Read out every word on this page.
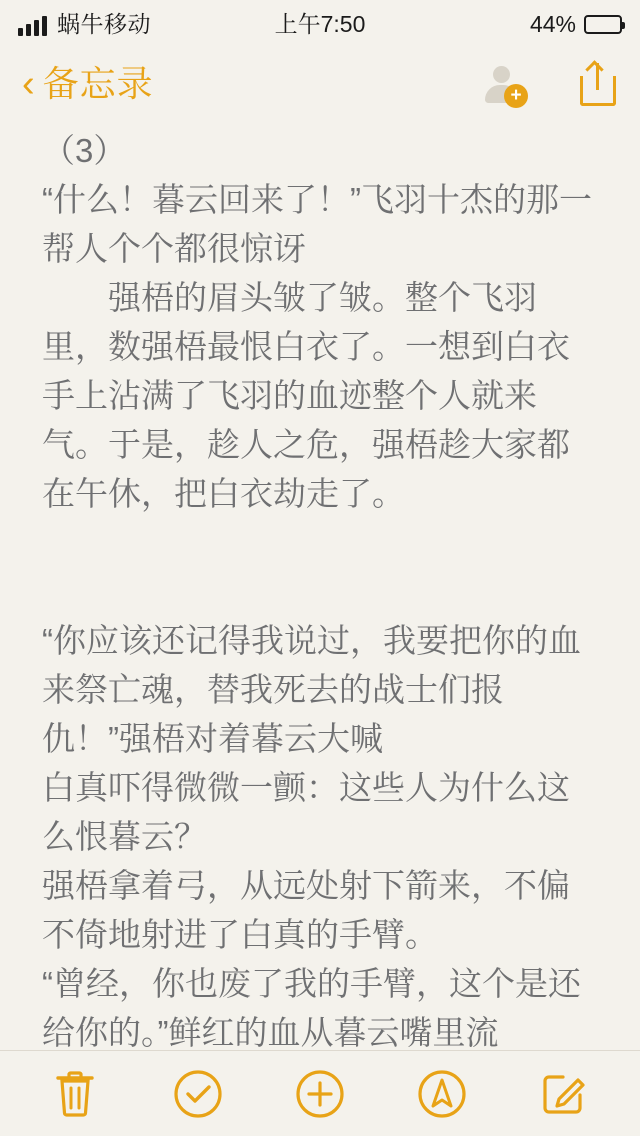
蜗牛移动	上午7:50	44%
‹ 备忘录	+

（3）

“什么！暮云回来了！”飞羽十杰的那一帮人个个都很惊讶

　　强梧的眉头皱了皱。整个飞羽里，数强梧最恨白衣了。一想到白衣手上沾满了飞羽的血迹整个人就来气。于是，趁人之危，强梧趁大家都在午休，把白衣劫走了。

“你应该还记得我说过，我要把你的血来祭亡魂，替我死去的战士们报仇！”强梧对着暮云大喊

白真吓得微微一颤：这些人为什么这么恨暮云？

强梧拿着弓，从远处射下箭来，不偏不倚地射进了白真的手臂。

“曾经，你也废了我的手臂，这个是还给你的。”鲜红的血从暮云嘴里流
